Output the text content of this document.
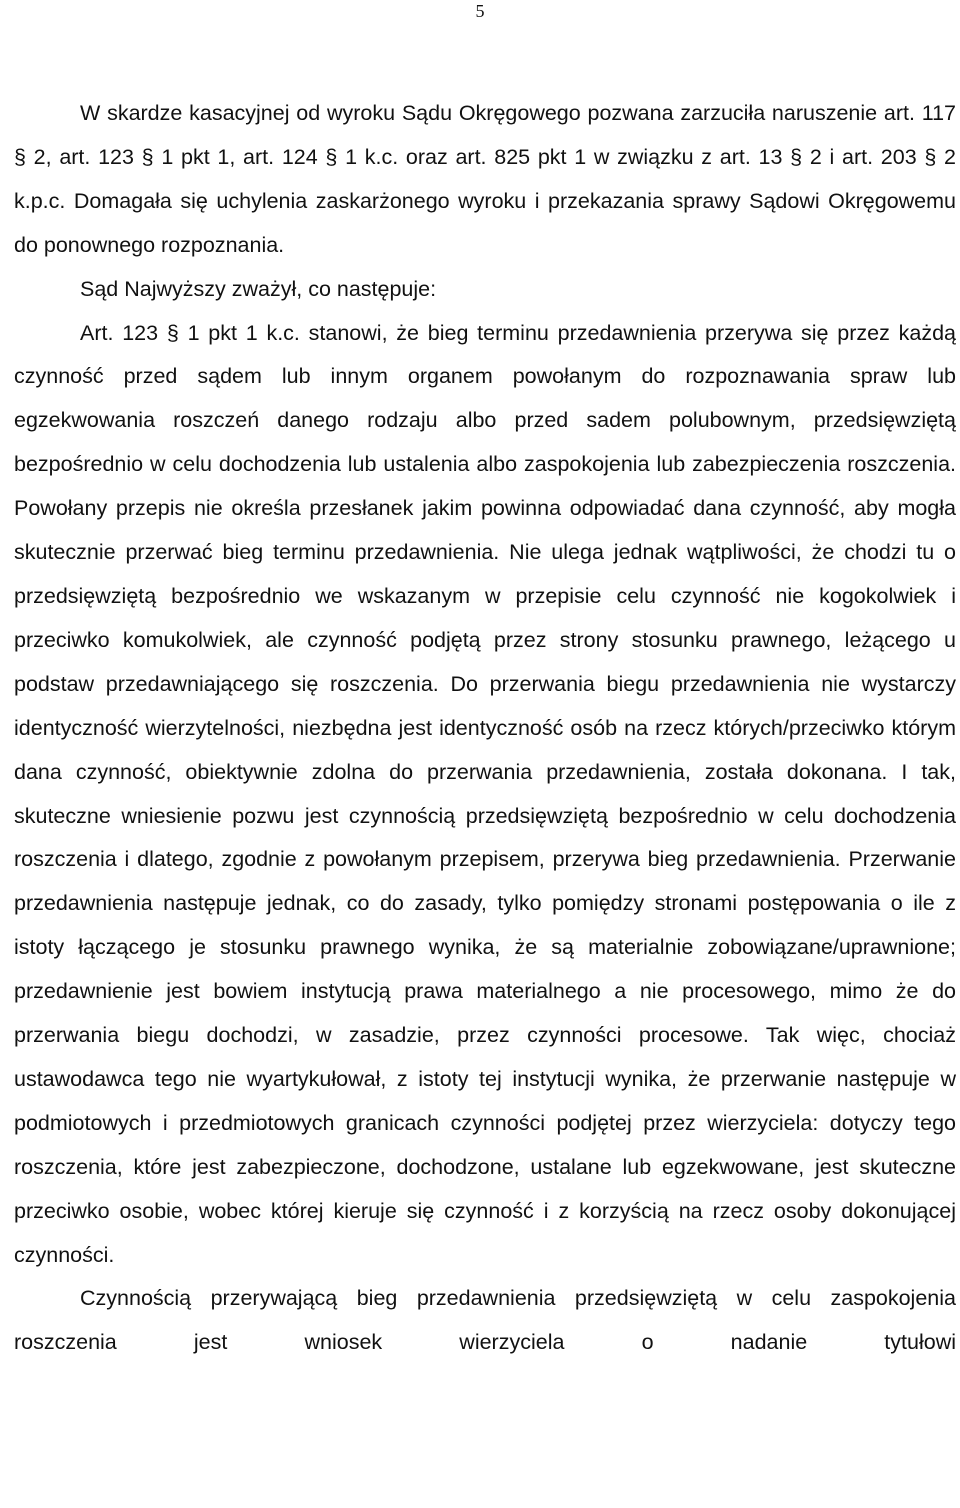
5

W skardze kasacyjnej od wyroku Sądu Okręgowego pozwana zarzuciła naruszenie art. 117 § 2, art. 123 § 1 pkt 1, art. 124 § 1 k.c. oraz art. 825 pkt 1 w związku z art. 13 § 2 i art. 203 § 2 k.p.c. Domagała się uchylenia zaskarżonego wyroku i przekazania sprawy Sądowi Okręgowemu do ponownego rozpoznania.

Sąd Najwyższy zważył, co następuje:

Art. 123 § 1 pkt 1 k.c. stanowi, że bieg terminu przedawnienia przerywa się przez każdą czynność przed sądem lub innym organem powołanym do rozpoznawania spraw lub egzekwowania roszczeń danego rodzaju albo przed sadem polubownym, przedsięwziętą bezpośrednio w celu dochodzenia lub ustalenia albo zaspokojenia lub zabezpieczenia roszczenia. Powołany przepis nie określa przesłanek jakim powinna odpowiadać dana czynność, aby mogła skutecznie przerwać bieg terminu przedawnienia. Nie ulega jednak wątpliwości, że chodzi tu o przedsięwziętą bezpośrednio we wskazanym w przepisie celu czynność nie kogokolwiek i przeciwko komukolwiek, ale czynność podjętą przez strony stosunku prawnego, leżącego u podstaw przedawniającego się roszczenia. Do przerwania biegu przedawnienia nie wystarczy identyczność wierzytelności, niezbędna jest identyczność osób na rzecz których/przeciwko którym dana czynność, obiektywnie zdolna do przerwania przedawnienia, została dokonana. I tak, skuteczne wniesienie pozwu jest czynnością przedsięwziętą bezpośrednio w celu dochodzenia roszczenia i dlatego, zgodnie z powołanym przepisem, przerywa bieg przedawnienia. Przerwanie przedawnienia następuje jednak, co do zasady, tylko pomiędzy stronami postępowania o ile z istoty łączącego je stosunku prawnego wynika, że są materialnie zobowiązane/uprawnione; przedawnienie jest bowiem instytucją prawa materialnego a nie procesowego, mimo że do przerwania biegu dochodzi, w zasadzie, przez czynności procesowe. Tak więc, chociaż ustawodawca tego nie wyartykułował, z istoty tej instytucji wynika, że przerwanie następuje w podmiotowych i przedmiotowych granicach czynności podjętej przez wierzyciela: dotyczy tego roszczenia, które jest zabezpieczone, dochodzone, ustalane lub egzekwowane, jest skuteczne przeciwko osobie, wobec której kieruje się czynność i z korzyścią na rzecz osoby dokonującej czynności.

Czynnością przerywającą bieg przedawnienia przedsięwziętą w celu zaspokojenia roszczenia jest wniosek wierzyciela o nadanie tytułowi
